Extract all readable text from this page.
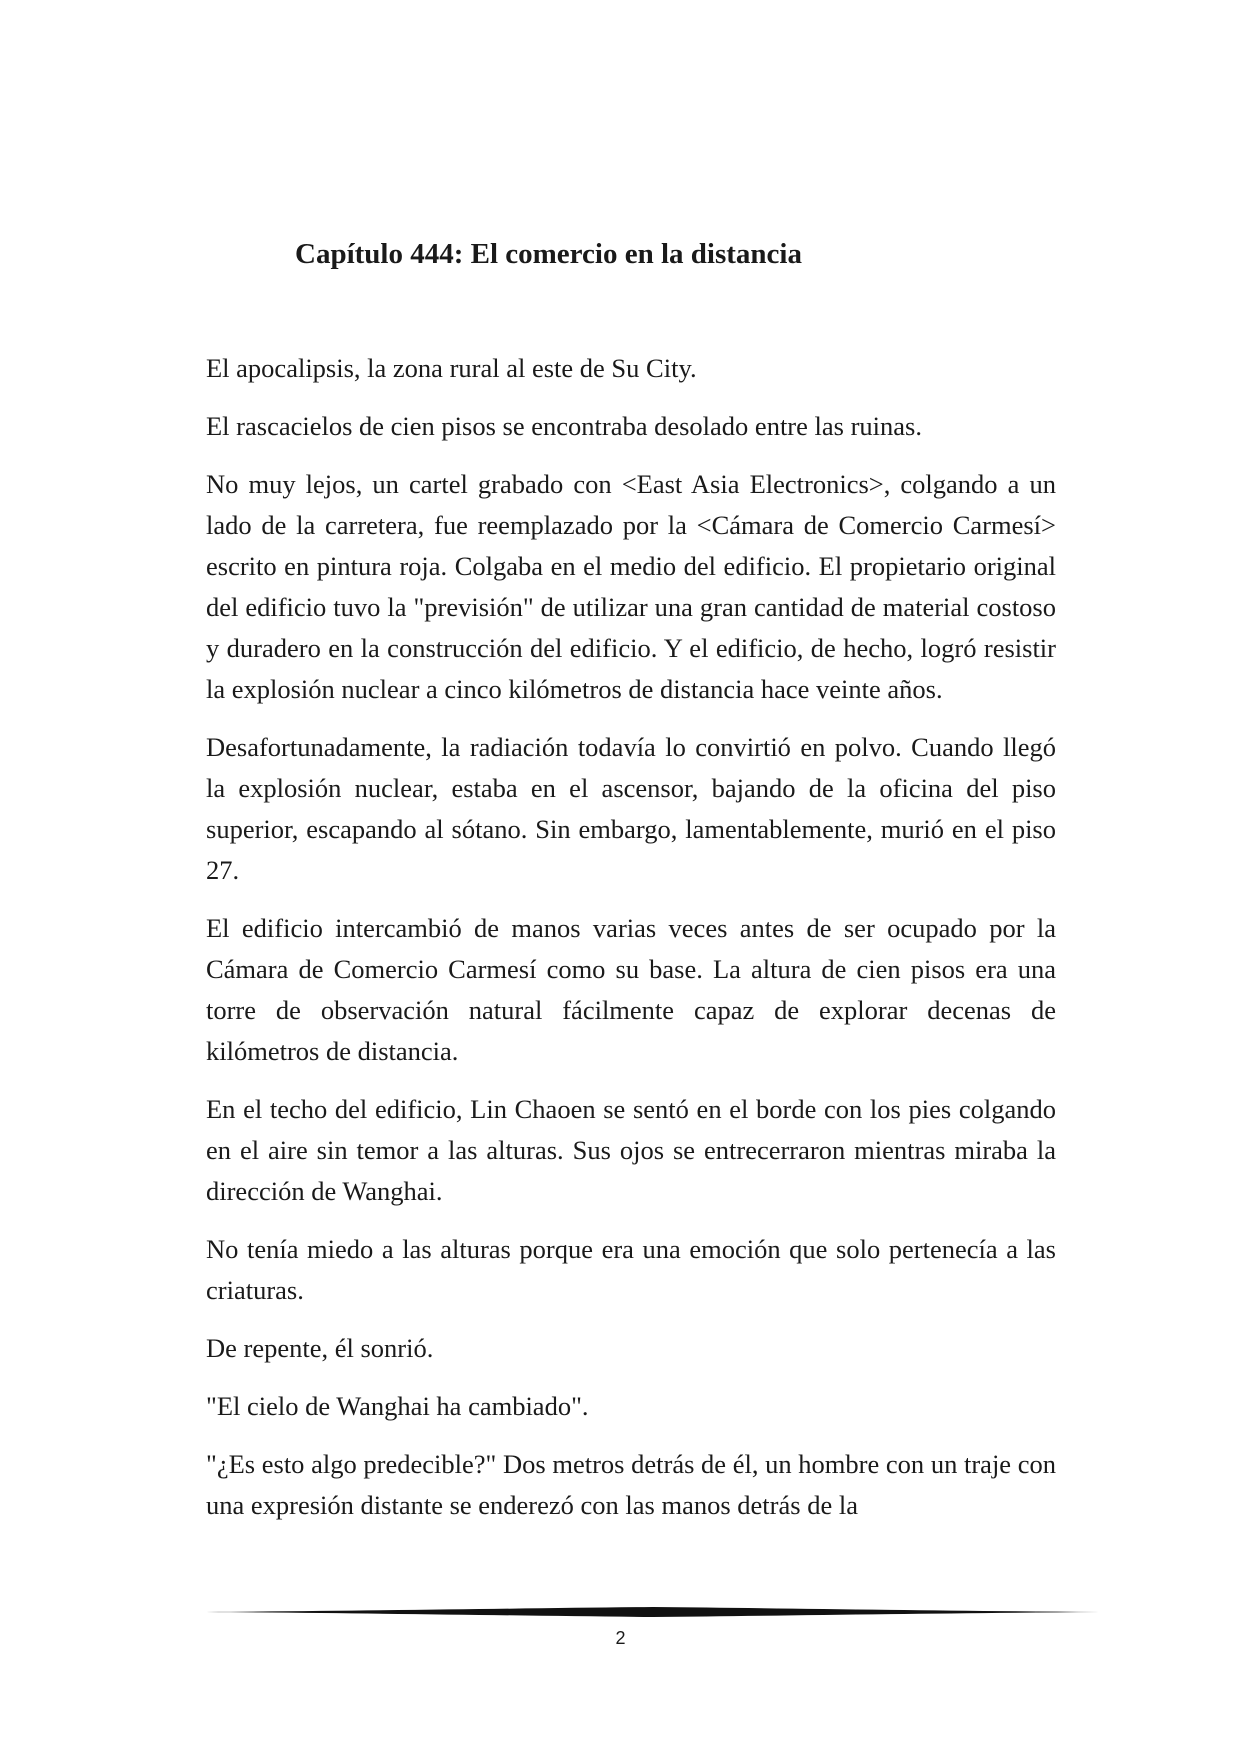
Capítulo 444: El comercio en la distancia

El apocalipsis, la zona rural al este de Su City.

El rascacielos de cien pisos se encontraba desolado entre las ruinas.

No muy lejos, un cartel grabado con <East Asia Electronics>, colgando a un lado de la carretera, fue reemplazado por la <Cámara de Comercio Carmesí> escrito en pintura roja. Colgaba en el medio del edificio. El propietario original del edificio tuvo la "previsión" de utilizar una gran cantidad de material costoso y duradero en la construcción del edificio. Y el edificio, de hecho, logró resistir la explosión nuclear a cinco kilómetros de distancia hace veinte años.

Desafortunadamente, la radiación todavía lo convirtió en polvo. Cuando llegó la explosión nuclear, estaba en el ascensor, bajando de la oficina del piso superior, escapando al sótano. Sin embargo, lamentablemente, murió en el piso 27.

El edificio intercambió de manos varias veces antes de ser ocupado por la Cámara de Comercio Carmesí como su base. La altura de cien pisos era una torre de observación natural fácilmente capaz de explorar decenas de kilómetros de distancia.

En el techo del edificio, Lin Chaoen se sentó en el borde con los pies colgando en el aire sin temor a las alturas. Sus ojos se entrecerraron mientras miraba la dirección de Wanghai.

No tenía miedo a las alturas porque era una emoción que solo pertenecía a las criaturas.

De repente, él sonrió.

"El cielo de Wanghai ha cambiado".

"¿Es esto algo predecible?" Dos metros detrás de él, un hombre con un traje con una expresión distante se enderezó con las manos detrás de la

2
